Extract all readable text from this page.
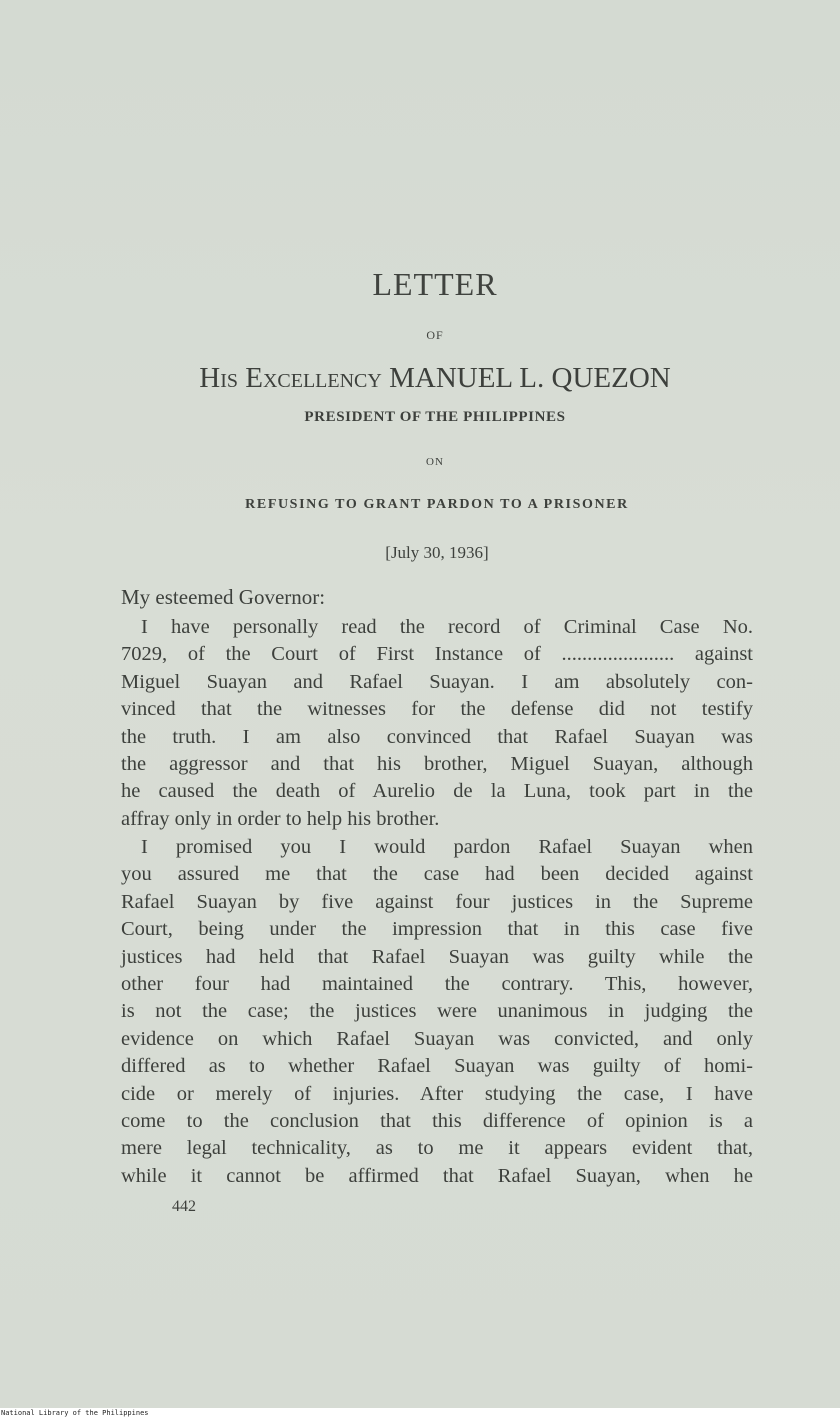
LETTER
OF
His Excellency MANUEL L. QUEZON
PRESIDENT OF THE PHILIPPINES
ON
REFUSING TO GRANT PARDON TO A PRISONER
[July 30, 1936]
My esteemed Governor:
I have personally read the record of Criminal Case No.
7029, of the Court of First Instance of ...................... against
Miguel Suayan and Rafael Suayan. I am absolutely con-
vinced that the witnesses for the defense did not testify
the truth. I am also convinced that Rafael Suayan was
the aggressor and that his brother, Miguel Suayan, although
he caused the death of Aurelio de la Luna, took part in the
affray only in order to help his brother.
I promised you I would pardon Rafael Suayan when
you assured me that the case had been decided against
Rafael Suayan by five against four justices in the Supreme
Court, being under the impression that in this case five
justices had held that Rafael Suayan was guilty while the
other four had maintained the contrary. This, however,
is not the case; the justices were unanimous in judging the
evidence on which Rafael Suayan was convicted, and only
differed as to whether Rafael Suayan was guilty of homi-
cide or merely of injuries. After studying the case, I have
come to the conclusion that this difference of opinion is a
mere legal technicality, as to me it appears evident that,
while it cannot be affirmed that Rafael Suayan, when he
442
National Library of the Philippines
